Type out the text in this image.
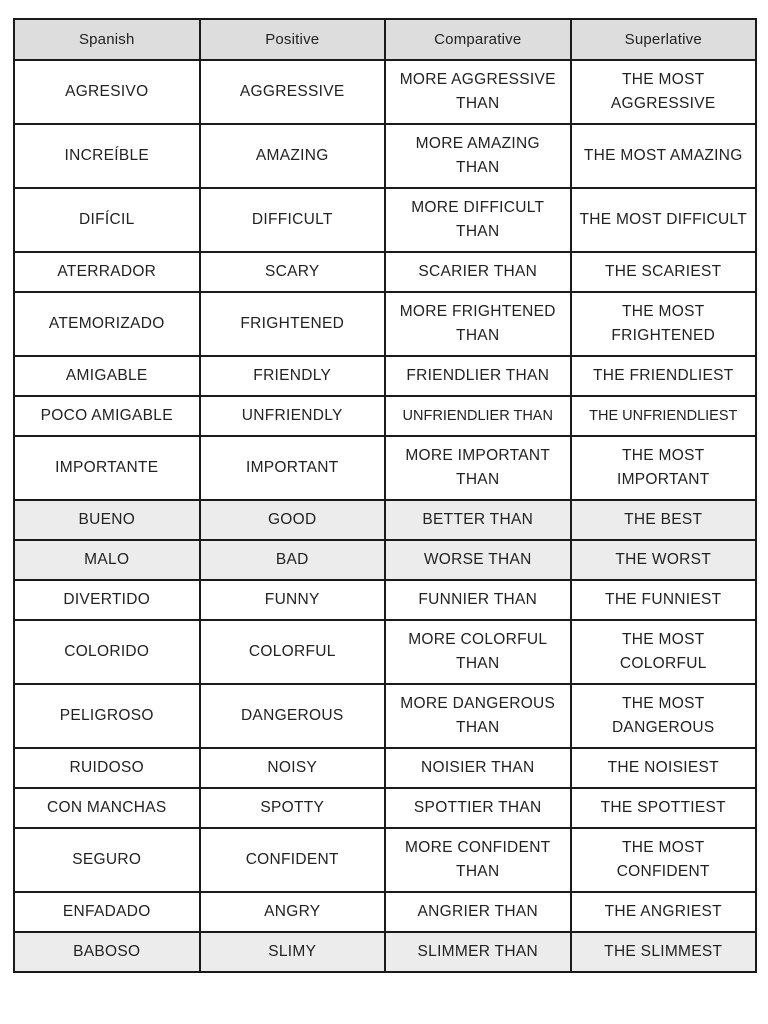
Spanish	Positive	Comparative	Superlative
AGRESIVO	AGGRESSIVE	MORE AGGRESSIVE THAN	THE MOST AGGRESSIVE
INCREÍBLE	AMAZING	MORE AMAZING THAN	THE MOST AMAZING
DIFÍCIL	DIFFICULT	MORE DIFFICULT THAN	THE MOST DIFFICULT
ATERRADOR	SCARY	SCARIER THAN	THE SCARIEST
ATEMORIZADO	FRIGHTENED	MORE FRIGHTENED THAN	THE MOST FRIGHTENED
AMIGABLE	FRIENDLY	FRIENDLIER THAN	THE FRIENDLIEST
POCO AMIGABLE	UNFRIENDLY	UNFRIENDLIER THAN	THE UNFRIENDLIEST
IMPORTANTE	IMPORTANT	MORE IMPORTANT THAN	THE MOST IMPORTANT
BUENO	GOOD	BETTER THAN	THE BEST
MALO	BAD	WORSE THAN	THE WORST
DIVERTIDO	FUNNY	FUNNIER THAN	THE FUNNIEST
COLORIDO	COLORFUL	MORE COLORFUL THAN	THE MOST COLORFUL
PELIGROSO	DANGEROUS	MORE DANGEROUS THAN	THE MOST DANGEROUS
RUIDOSO	NOISY	NOISIER THAN	THE NOISIEST
CON MANCHAS	SPOTTY	SPOTTIER THAN	THE SPOTTIEST
SEGURO	CONFIDENT	MORE CONFIDENT THAN	THE MOST CONFIDENT
ENFADADO	ANGRY	ANGRIER THAN	THE ANGRIEST
BABOSO	SLIMY	SLIMMER THAN	THE SLIMMEST
